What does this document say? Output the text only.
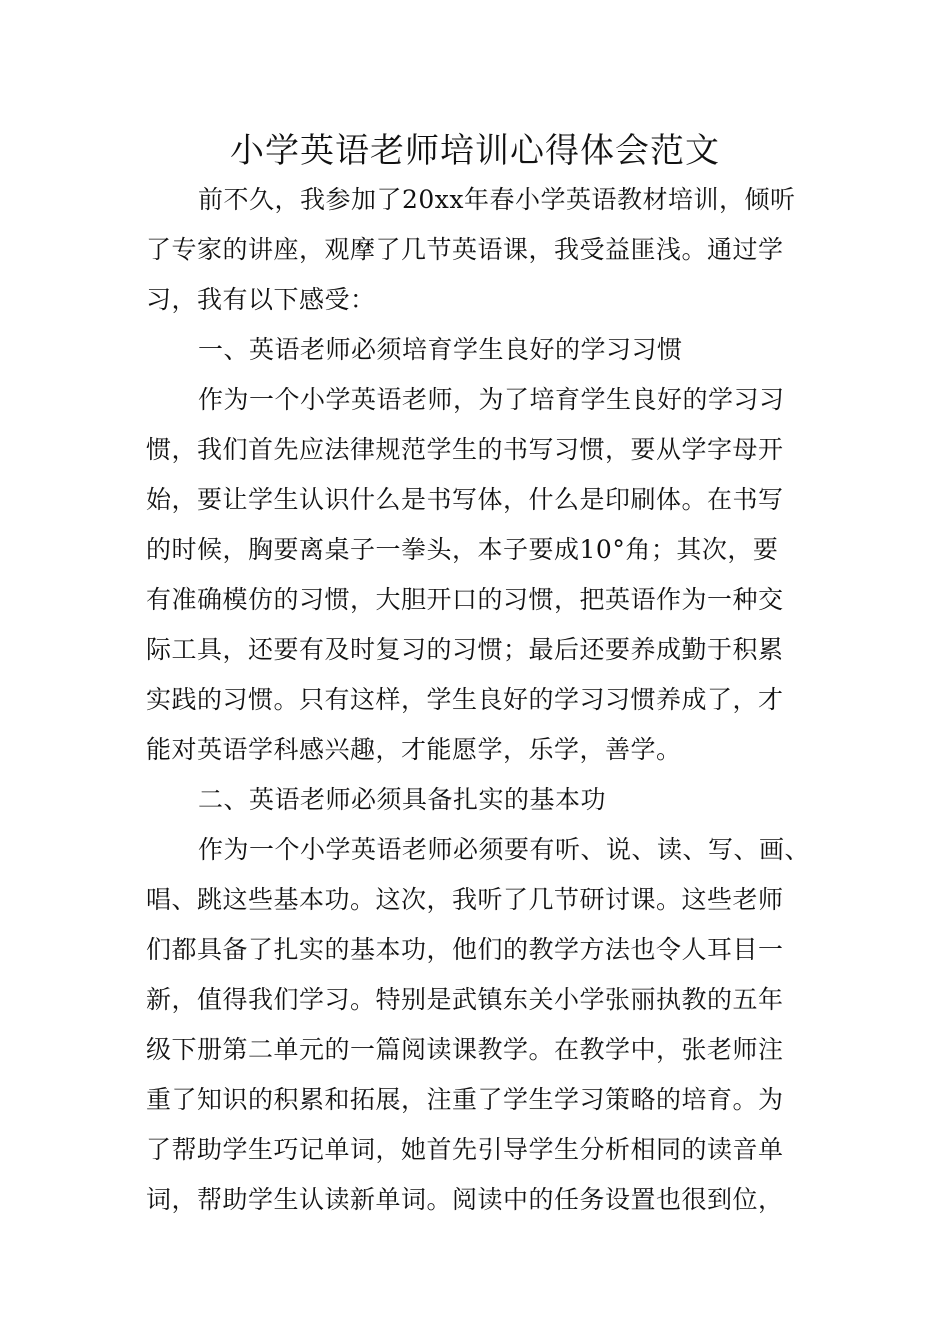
小学英语老师培训心得体会范文
前不久，我参加了20xx年春小学英语教材培训，倾听
了专家的讲座，观摩了几节英语课，我受益匪浅。通过学
习，我有以下感受：
一、英语老师必须培育学生良好的学习习惯
作为一个小学英语老师，为了培育学生良好的学习习
惯，我们首先应法律规范学生的书写习惯，要从学字母开
始，要让学生认识什么是书写体，什么是印刷体。在书写
的时候，胸要离桌子一拳头，本子要成10°角；其次，要
有准确模仿的习惯，大胆开口的习惯，把英语作为一种交
际工具，还要有及时复习的习惯；最后还要养成勤于积累
实践的习惯。只有这样，学生良好的学习习惯养成了，才
能对英语学科感兴趣，才能愿学，乐学，善学。
二、英语老师必须具备扎实的基本功
作为一个小学英语老师必须要有听、说、读、写、画、
唱、跳这些基本功。这次，我听了几节研讨课。这些老师
们都具备了扎实的基本功，他们的教学方法也令人耳目一
新，值得我们学习。特别是武镇东关小学张丽执教的五年
级下册第二单元的一篇阅读课教学。在教学中，张老师注
重了知识的积累和拓展，注重了学生学习策略的培育。为
了帮助学生巧记单词，她首先引导学生分析相同的读音单
词，帮助学生认读新单词。阅读中的任务设置也很到位，
